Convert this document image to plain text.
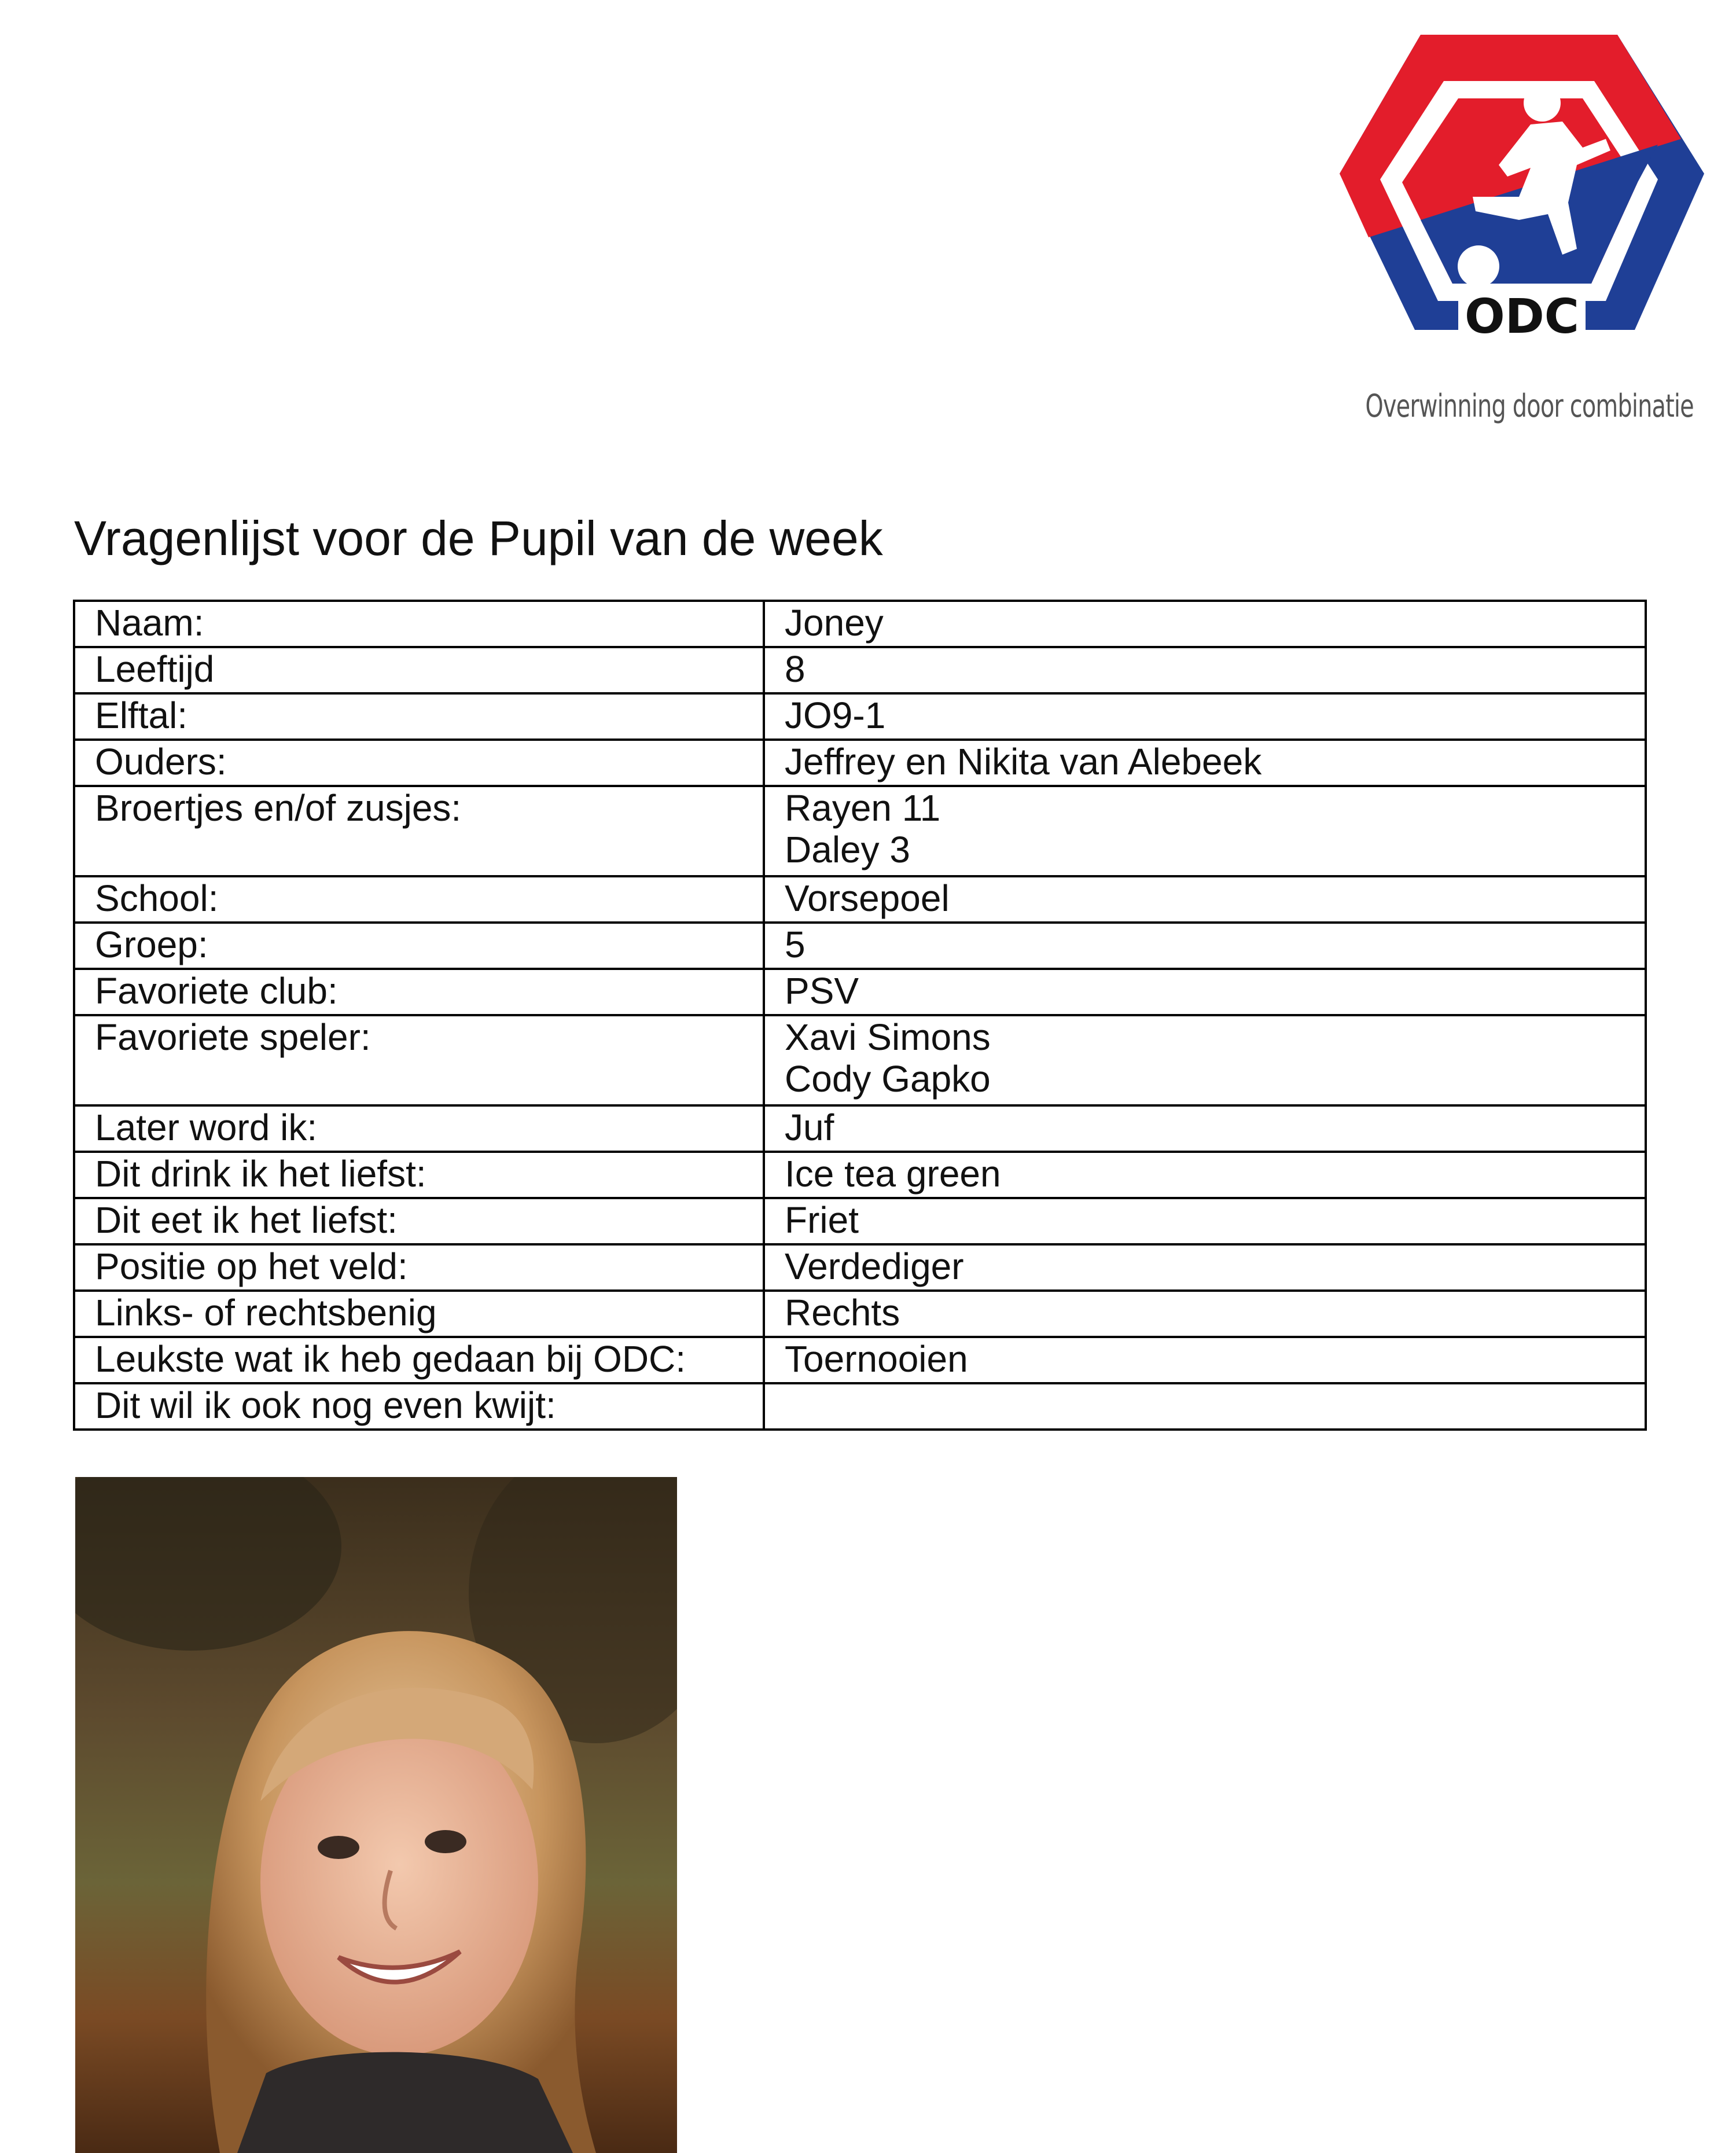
ODC
Overwinning door combinatie
Vragenlijst voor de Pupil van de week
Naam:	Joney

Leeftijd	8

Elftal:	JO9-1

Ouders:	Jeffrey en Nikita van Alebeek

Broertjes en/of zusjes:	Rayen 11
Daley 3

School:	Vorsepoel

Groep:	5

Favoriete club:	PSV

Favoriete speler:	Xavi Simons
Cody Gapko

Later word ik:	Juf

Dit drink ik het liefst:	Ice tea green

Dit eet ik het liefst:	Friet

Positie op het veld:	Verdediger

Links- of rechtsbenig	Rechts

Leukste wat ik heb gedaan bij ODC:	Toernooien

Dit wil ik ook nog even kwijt:	
